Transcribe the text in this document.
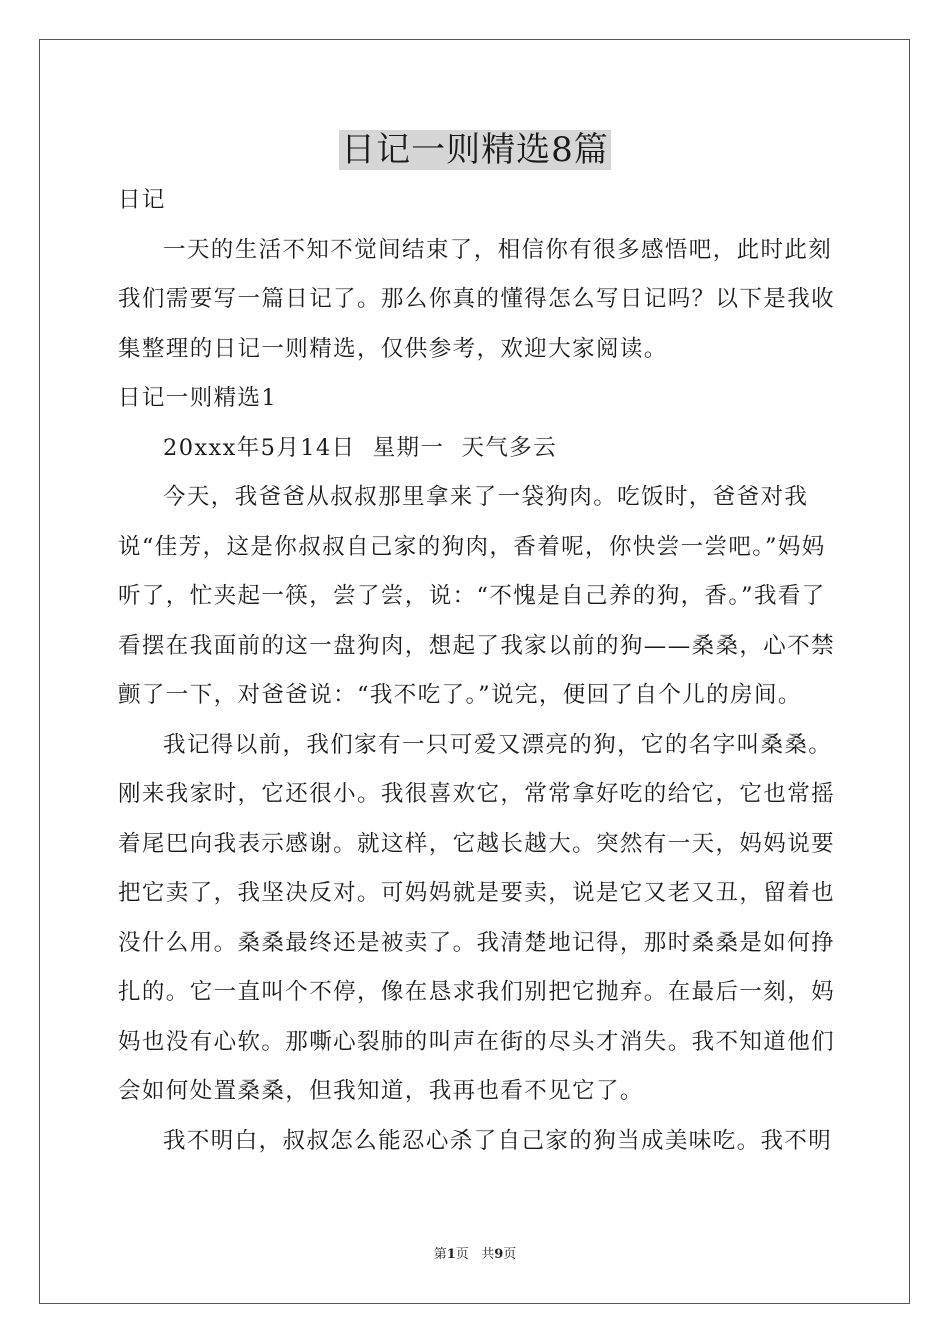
日记一则精选8篇

日记

一天的生活不知不觉间结束了，相信你有很多感悟吧，此时此刻我们需要写一篇日记了。那么你真的懂得怎么写日记吗？以下是我收集整理的日记一则精选，仅供参考，欢迎大家阅读。

日记一则精选1

20xxx年5月14日  星期一  天气多云

今天，我爸爸从叔叔那里拿来了一袋狗肉。吃饭时，爸爸对我说“佳芳，这是你叔叔自己家的狗肉，香着呢，你快尝一尝吧。”妈妈听了，忙夹起一筷，尝了尝，说：“不愧是自己养的狗，香。”我看了看摆在我面前的这一盘狗肉，想起了我家以前的狗——桑桑，心不禁颤了一下，对爸爸说：“我不吃了。”说完，便回了自个儿的房间。

我记得以前，我们家有一只可爱又漂亮的狗，它的名字叫桑桑。刚来我家时，它还很小。我很喜欢它，常常拿好吃的给它，它也常摇着尾巴向我表示感谢。就这样，它越长越大。突然有一天，妈妈说要把它卖了，我坚决反对。可妈妈就是要卖，说是它又老又丑，留着也没什么用。桑桑最终还是被卖了。我清楚地记得，那时桑桑是如何挣扎的。它一直叫个不停，像在恳求我们别把它抛弃。在最后一刻，妈妈也没有心软。那嘶心裂肺的叫声在街的尽头才消失。我不知道他们会如何处置桑桑，但我知道，我再也看不见它了。

我不明白，叔叔怎么能忍心杀了自己家的狗当成美味吃。我不明

第1页   共9页
